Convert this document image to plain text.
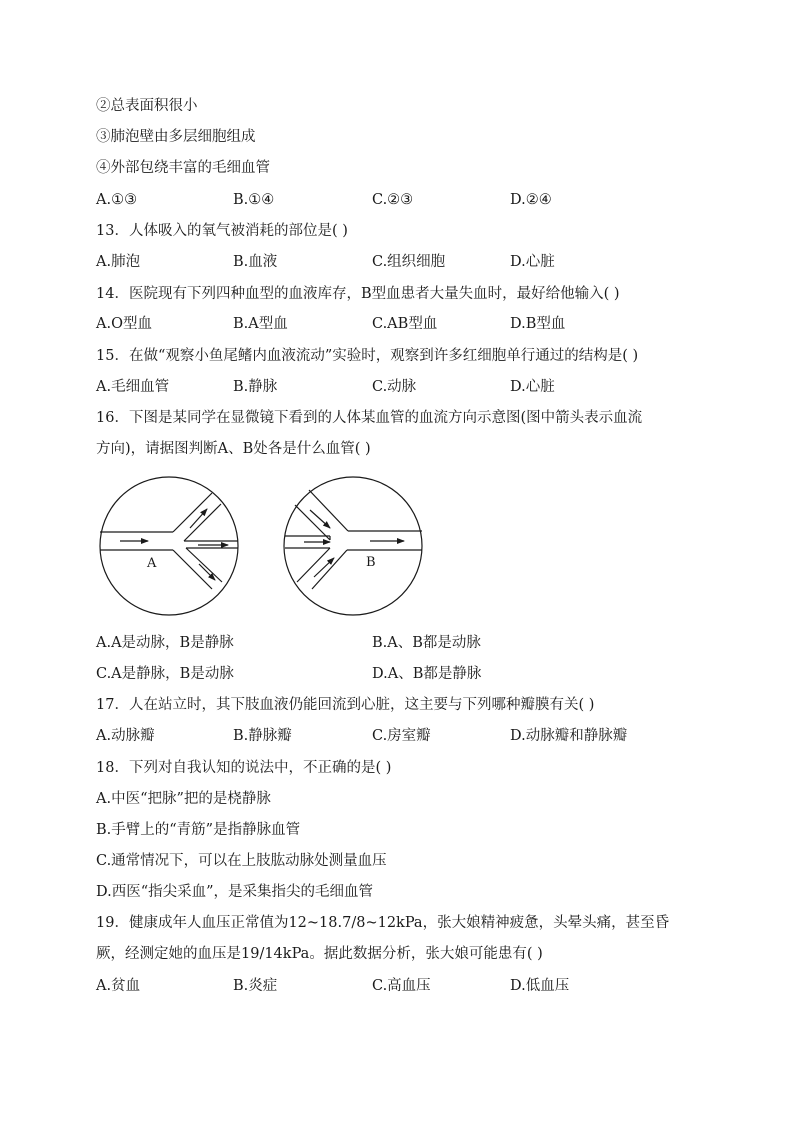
②总表面积很小
③肺泡壁由多层细胞组成
④外部包绕丰富的毛细血管
A.①③	B.①④	C.②③	D.②④
13．人体吸入的氧气被消耗的部位是( )
A.肺泡	B.血液	C.组织细胞	D.心脏
14．医院现有下列四种血型的血液库存，B型血患者大量失血时，最好给他输入( )
A.O型血	B.A型血	C.AB型血	D.B型血
15．在做“观察小鱼尾鳍内血液流动”实验时，观察到许多红细胞单行通过的结构是( )
A.毛细血管	B.静脉	C.动脉	D.心脏
16．下图是某同学在显微镜下看到的人体某血管的血流方向示意图(图中箭头表示血流
方向)，请据图判断A、B处各是什么血管( )
A	B
A.A是动脉，B是静脉	B.A、B都是动脉
C.A是静脉，B是动脉	D.A、B都是静脉
17．人在站立时，其下肢血液仍能回流到心脏，这主要与下列哪种瓣膜有关( )
A.动脉瓣	B.静脉瓣	C.房室瓣	D.动脉瓣和静脉瓣
18．下列对自我认知的说法中，不正确的是( )
A.中医“把脉”把的是桡静脉
B.手臂上的“青筋”是指静脉血管
C.通常情况下，可以在上肢肱动脉处测量血压
D.西医“指尖采血”，是采集指尖的毛细血管
19．健康成年人血压正常值为12~18.7/8~12kPa，张大娘精神疲惫，头晕头痛，甚至昏
厥，经测定她的血压是19/14kPa。据此数据分析，张大娘可能患有( )
A.贫血	B.炎症	C.高血压	D.低血压
